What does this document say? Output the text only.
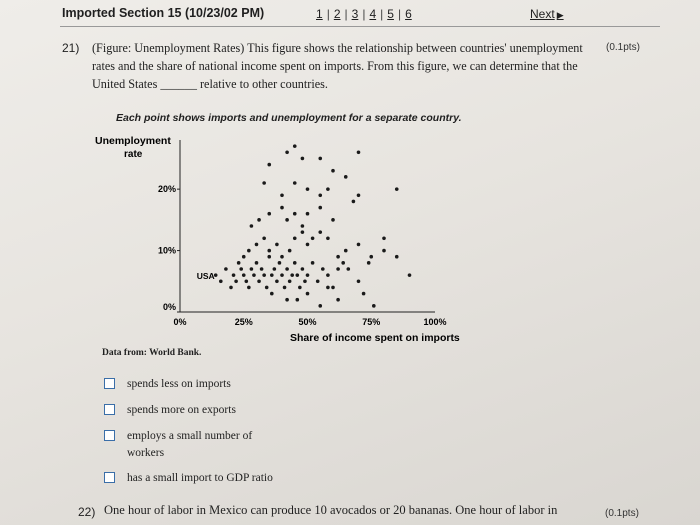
Imported Section 15 (10/23/02 PM)	1 | 2 | 3 | 4 | 5 | 6	Next ▶
21) (Figure: Unemployment Rates) This figure shows the relationship between countries' unemployment rates and the share of national income spent on imports. From this figure, we can determine that the United States ______ relative to other countries.
(0.1pts)
Each point shows imports and unemployment for a separate country.
0%
10%
20%
0%	25%	50%	75%	100%
Unemployment
rate
Share of income spent on imports
USA
Data from: World Bank.
spends less on imports
spends more on exports
employs a small number of workers
has a small import to GDP ratio
22) One hour of labor in Mexico can produce 10 avocados or 20 bananas. One hour of labor in	(0.1pts)
